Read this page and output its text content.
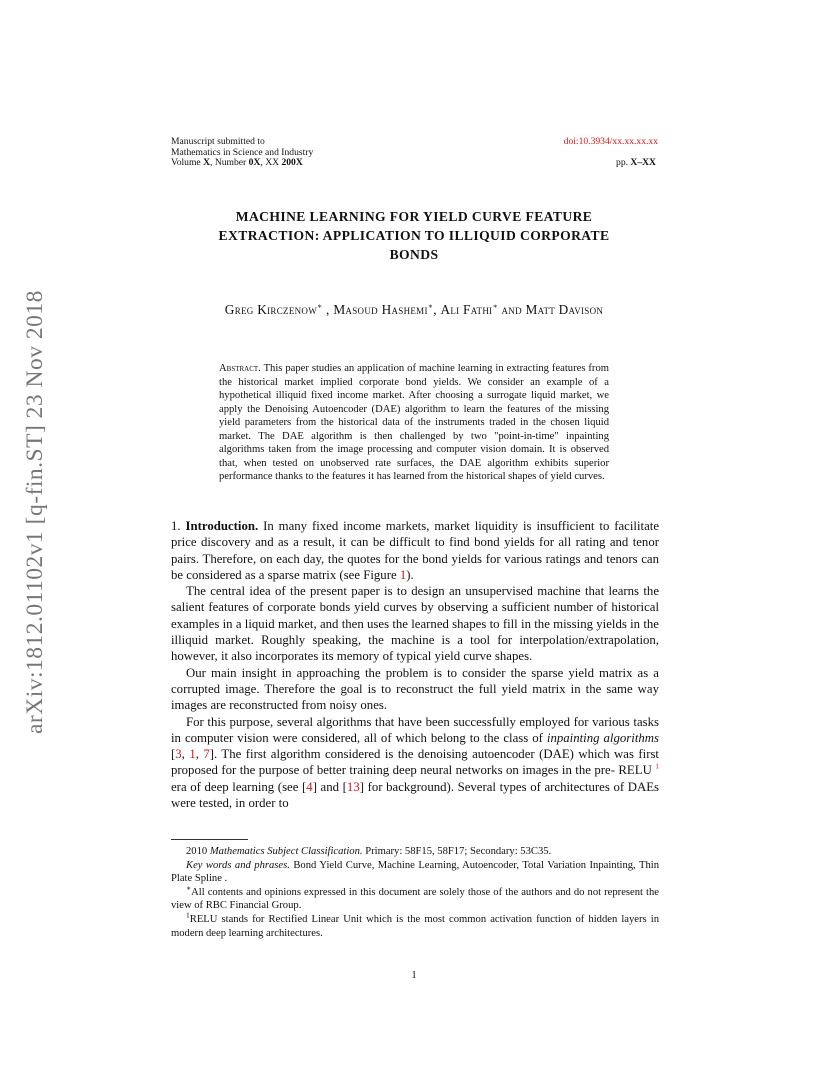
Manuscript submitted to
Mathematics in Science and Industry
Volume X, Number 0X, XX 200X
doi:10.3934/xx.xx.xx.xx
pp. X–XX
arXiv:1812.01102v1 [q-fin.ST] 23 Nov 2018
MACHINE LEARNING FOR YIELD CURVE FEATURE
EXTRACTION: APPLICATION TO ILLIQUID CORPORATE
BONDS
Greg Kirczenow∗ , Masoud Hashemi∗, Ali Fathi∗ and Matt Davison
Abstract. This paper studies an application of machine learning in extracting features from the historical market implied corporate bond yields. We consider an example of a hypothetical illiquid fixed income market. After choosing a surrogate liquid market, we apply the Denoising Autoencoder (DAE) algorithm to learn the features of the missing yield parameters from the historical data of the instruments traded in the chosen liquid market. The DAE algorithm is then challenged by two "point-in-time" inpainting algorithms taken from the image processing and computer vision domain. It is observed that, when tested on unobserved rate surfaces, the DAE algorithm exhibits superior performance thanks to the features it has learned from the historical shapes of yield curves.

1. Introduction. In many fixed income markets, market liquidity is insufficient to facilitate price discovery and as a result, it can be difficult to find bond yields for all rating and tenor pairs. Therefore, on each day, the quotes for the bond yields for various ratings and tenors can be considered as a sparse matrix (see Figure 1).

The central idea of the present paper is to design an unsupervised machine that learns the salient features of corporate bonds yield curves by observing a sufficient number of historical examples in a liquid market, and then uses the learned shapes to fill in the missing yields in the illiquid market. Roughly speaking, the machine is a tool for interpolation/extrapolation, however, it also incorporates its memory of typical yield curve shapes.

Our main insight in approaching the problem is to consider the sparse yield matrix as a corrupted image. Therefore the goal is to reconstruct the full yield matrix in the same way images are reconstructed from noisy ones.

For this purpose, several algorithms that have been successfully employed for various tasks in computer vision were considered, all of which belong to the class of inpainting algorithms [3, 1, 7]. The first algorithm considered is the denoising autoencoder (DAE) which was first proposed for the purpose of better training deep neural networks on images in the pre- RELU $^1$ era of deep learning (see [4] and [13] for background). Several types of architectures of DAEs were tested, in order to

2010 Mathematics Subject Classification. Primary: 58F15, 58F17; Secondary: 53C35.

Key words and phrases. Bond Yield Curve, Machine Learning, Autoencoder, Total Variation Inpainting, Thin Plate Spline .

∗All contents and opinions expressed in this document are solely those of the authors and do not represent the view of RBC Financial Group.

$^1$RELU stands for Rectified Linear Unit which is the most common activation function of hidden layers in modern deep learning architectures.

1
